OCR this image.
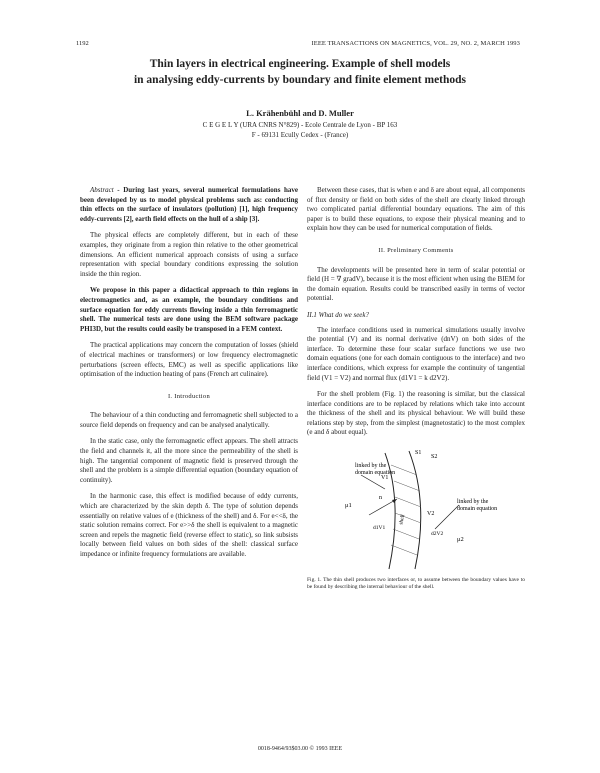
1192	IEEE TRANSACTIONS ON MAGNETICS, VOL. 29, NO. 2, MARCH 1993
Thin layers in electrical engineering. Example of shell models
in analysing eddy-currents by boundary and finite element methods
L. Krähenbühl and D. Muller
C E G E L Y (URA CNRS N°829) - Ecole Centrale de Lyon - BP 163
F - 69131 Ecully Cedex - (France)

Abstract - During last years, several numerical formulations have been developed by us to model physical problems such as: conducting thin effects on the surface of insulators (pollution) [1], high frequency eddy-currents [2], earth field effects on the hull of a ship [3].

The physical effects are completely different, but in each of these examples, they originate from a region thin relative to the other geometrical dimensions. An efficient numerical approach consists of using a surface representation with special boundary conditions expressing the solution inside the thin region.

We propose in this paper a didactical approach to thin regions in electromagnetics and, as an example, the boundary conditions and surface equation for eddy currents flowing inside a thin ferromagnetic shell. The numerical tests are done using the BEM software package PHI3D, but the results could easily be transposed in a FEM context.

The practical applications may concern the computation of losses (shield of electrical machines or transformers) or low frequency electromagnetic perturbations (screen effects, EMC) as well as specific applications like optimisation of the induction heating of pans (French art culinaire).

I. Introduction

The behaviour of a thin conducting and ferromagnetic shell subjected to a source field depends on frequency and can be analysed analytically.

In the static case, only the ferromagnetic effect appears. The shell attracts the field and channels it, all the more since the permeability of the shell is high. The tangential component of magnetic field is preserved through the shell and the problem is a simple differential equation (boundary equation of continuity).

In the harmonic case, this effect is modified because of eddy currents, which are characterized by the skin depth δ. The type of solution depends essentially on relative values of e (thickness of the shell) and δ. For e<<δ, the static solution remains correct. For e>>δ the shell is equivalent to a magnetic screen and repels the magnetic field (reverse effect to static), so link subsists locally between field values on both sides of the shell: classical surface impedance or infinite frequency formulations are available.

Between these cases, that is when e and δ are about equal, all components of flux density or field on both sides of the shell are clearly linked through two complicated partial differential boundary equations. The aim of this paper is to build these equations, to expose their physical meaning and to explain how they can be used for numerical computation of fields.

II. Preliminary Comments

The developments will be presented here in term of scalar potential or field (H = ∇ gradV), because it is the most efficient when using the BIEM for the domain equation. Results could be transcribed easily in terms of vector potential.

II.1 What do we seek?

The interface conditions used in numerical simulations usually involve the potential (V) and its normal derivative (dnV) on both sides of the interface. To determine these four scalar surface functions we use two domain equations (one for each domain contiguous to the interface) and two interface conditions, which express for example the continuity of tangential field (V1 = V2) and normal flux (d1V1 = k d2V2).

For the shell problem (Fig. 1) the reasoning is similar, but the classical interface conditions are to be replaced by relations which take into account the thickness of the shell and its physical behaviour. We will build these relations step by step, from the simplest (magnetostatic) to the most complex (e and δ about equal).

linked by the
domain equation
linked by the
domain equation
S1
S2
n
V1
V2
μ1
μ2
d1V1
d2V2
shell
Fig. 1. The thin shell produces two interfaces or, to assume between the boundary values have to be found by describing the internal behaviour of the shell.
0018-9464/93$03.00 © 1993 IEEE
